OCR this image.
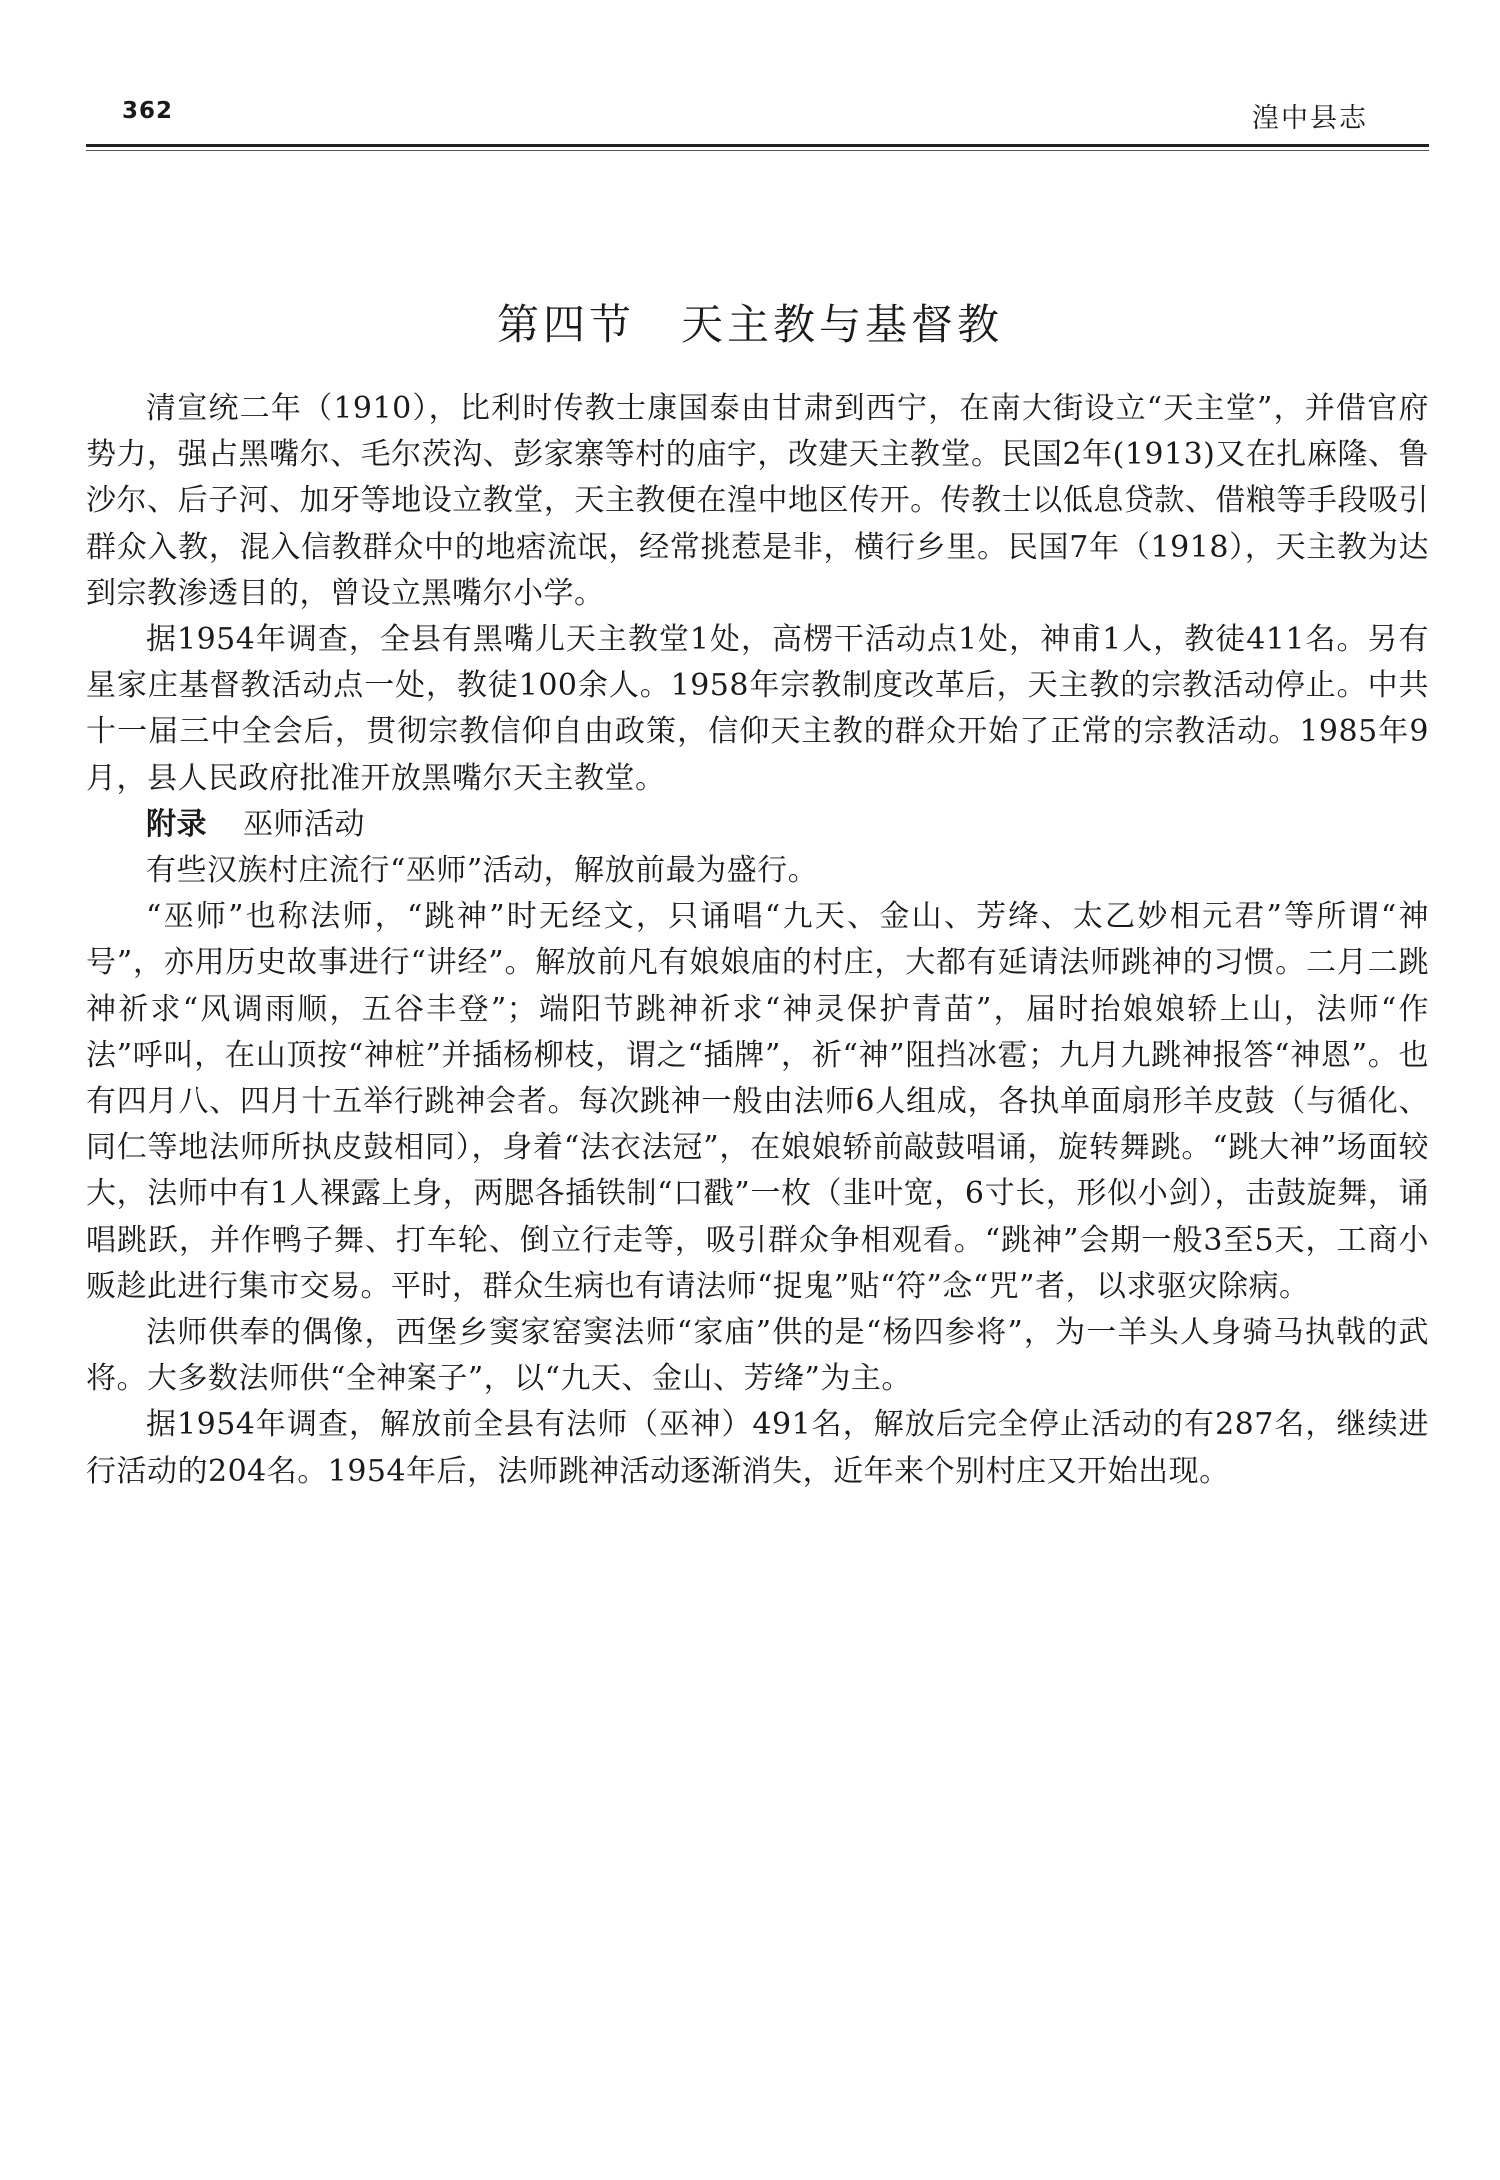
362	湟中县志
第四节　天主教与基督教

清宣统二年（1910），比利时传教士康国泰由甘肃到西宁，在南大街设立“天主堂”，并借官府势力，强占黑嘴尔、毛尔茨沟、彭家寨等村的庙宇，改建天主教堂。民国2年(1913)又在扎麻隆、鲁沙尔、后子河、加牙等地设立教堂，天主教便在湟中地区传开。传教士以低息贷款、借粮等手段吸引群众入教，混入信教群众中的地痞流氓，经常挑惹是非，横行乡里。民国7年（1918），天主教为达到宗教渗透目的，曾设立黑嘴尔小学。

据1954年调查，全县有黑嘴儿天主教堂1处，高楞干活动点1处，神甫1人，教徒411名。另有星家庄基督教活动点一处，教徒100余人。1958年宗教制度改革后，天主教的宗教活动停止。中共十一届三中全会后，贯彻宗教信仰自由政策，信仰天主教的群众开始了正常的宗教活动。1985年9月，县人民政府批准开放黑嘴尔天主教堂。

附录 巫师活动

有些汉族村庄流行“巫师”活动，解放前最为盛行。

“巫师”也称法师，“跳神”时无经文，只诵唱“九天、金山、芳绛、太乙妙相元君”等所谓“神号”，亦用历史故事进行“讲经”。解放前凡有娘娘庙的村庄，大都有延请法师跳神的习惯。二月二跳神祈求“风调雨顺，五谷丰登”；端阳节跳神祈求“神灵保护青苗”，届时抬娘娘轿上山，法师“作法”呼叫，在山顶按“神桩”并插杨柳枝，谓之“插牌”，祈“神”阻挡冰雹；九月九跳神报答“神恩”。也有四月八、四月十五举行跳神会者。每次跳神一般由法师6人组成，各执单面扇形羊皮鼓（与循化、同仁等地法师所执皮鼓相同），身着“法衣法冠”，在娘娘轿前敲鼓唱诵，旋转舞跳。“跳大神”场面较大，法师中有1人裸露上身，两腮各插铁制“口戳”一枚（韭叶宽，6寸长，形似小剑），击鼓旋舞，诵唱跳跃，并作鸭子舞、打车轮、倒立行走等，吸引群众争相观看。“跳神”会期一般3至5天，工商小贩趁此进行集市交易。平时，群众生病也有请法师“捉鬼”贴“符”念“咒”者，以求驱灾除病。

法师供奉的偶像，西堡乡窦家窑窦法师“家庙”供的是“杨四参将”，为一羊头人身骑马执戟的武将。大多数法师供“全神案子”，以“九天、金山、芳绛”为主。

据1954年调查，解放前全县有法师（巫神）491名，解放后完全停止活动的有287名，继续进行活动的204名。1954年后，法师跳神活动逐渐消失，近年来个别村庄又开始出现。
